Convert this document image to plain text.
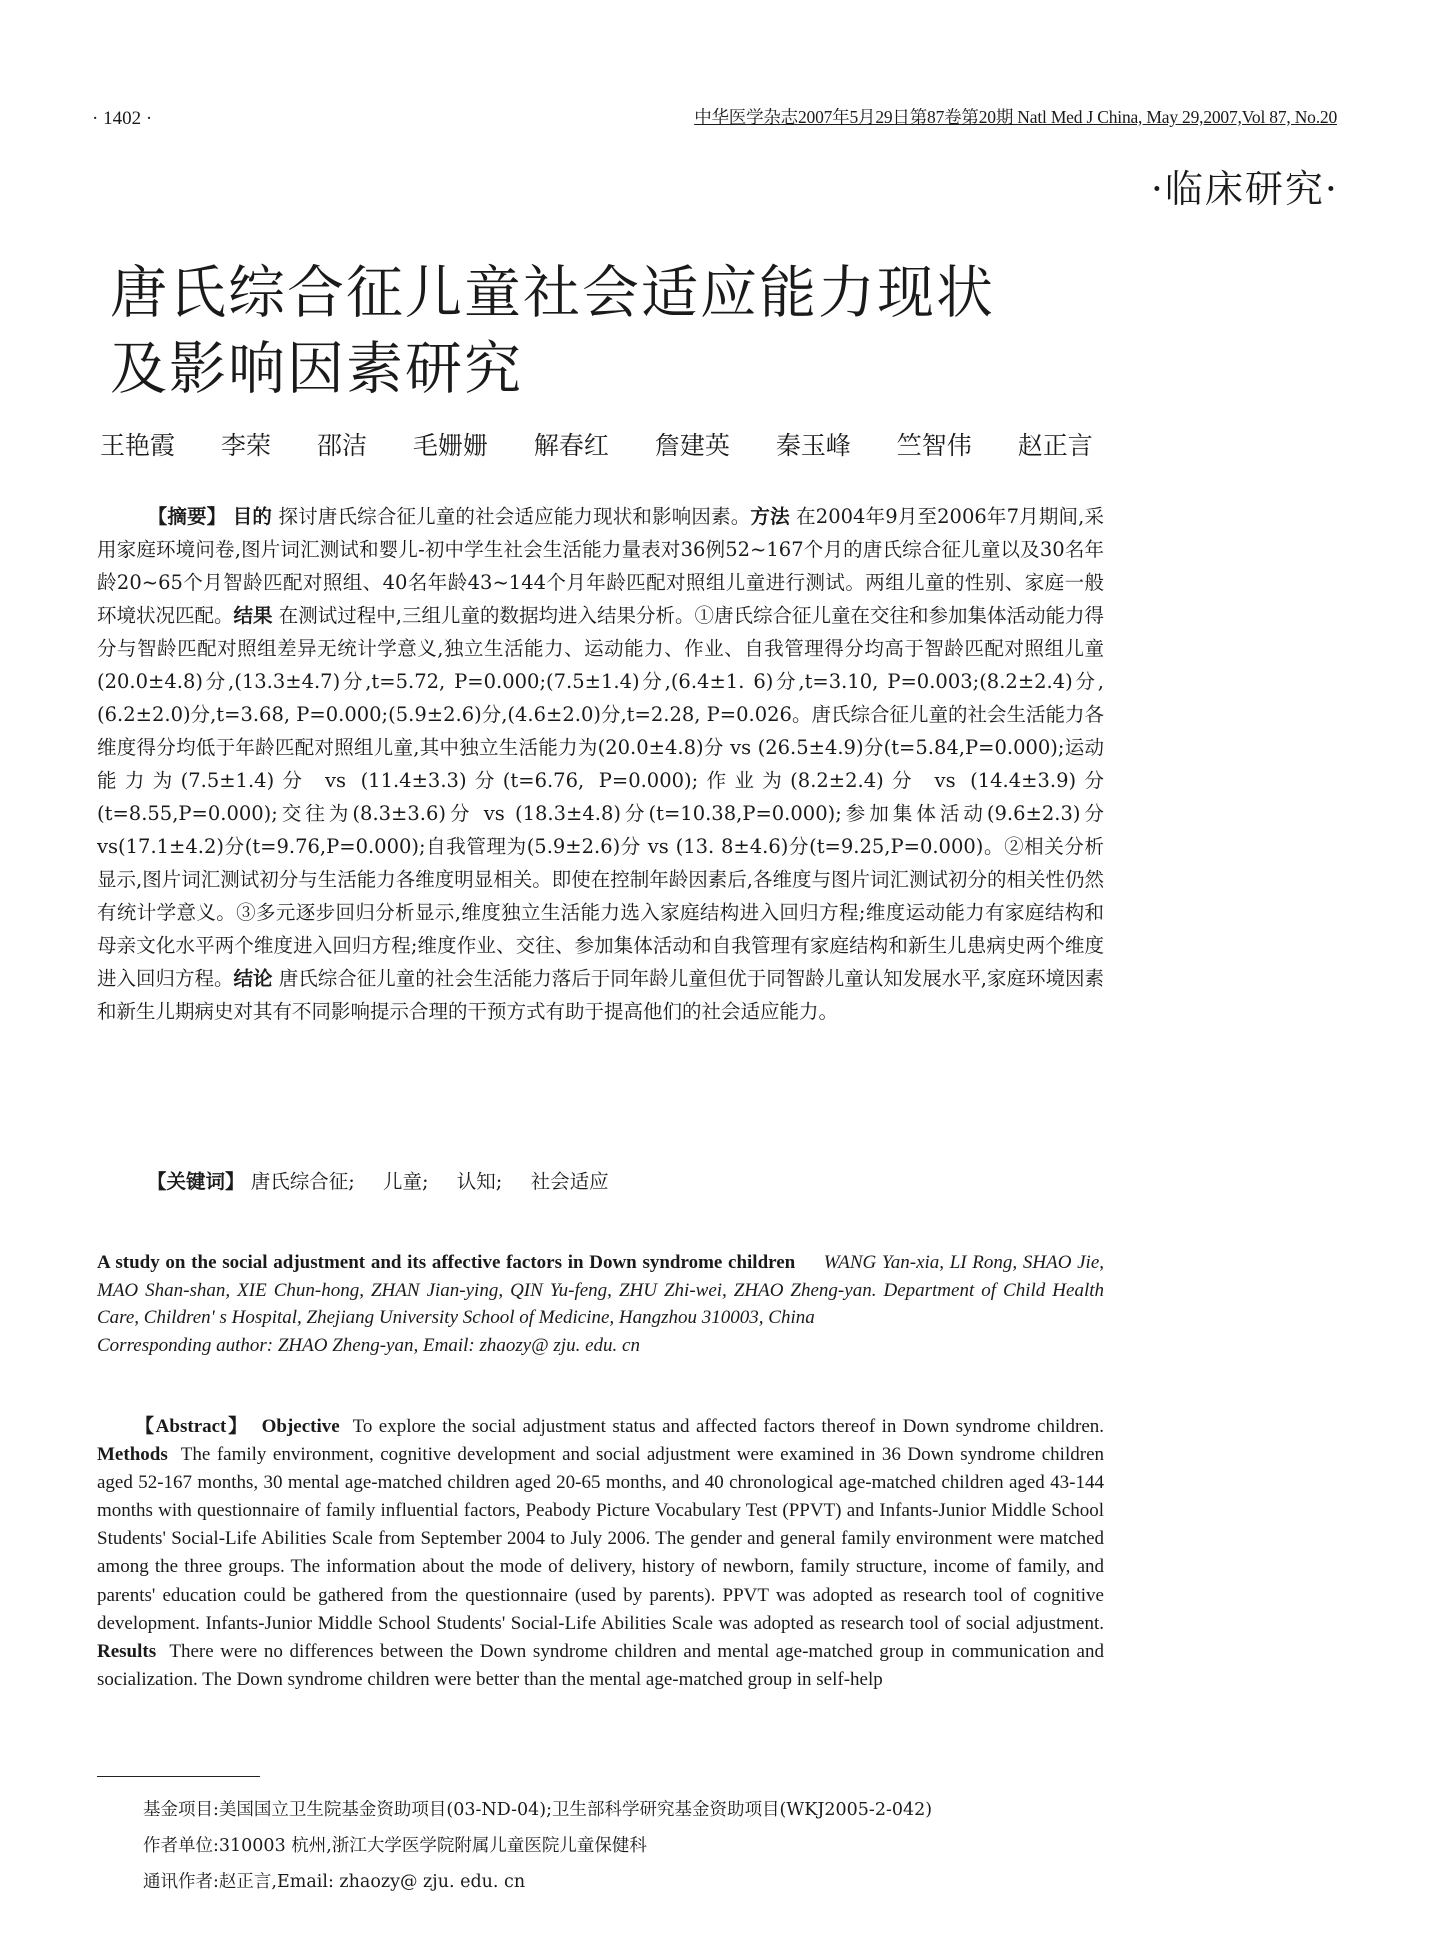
· 1402 ·	中华医学杂志2007年5月29日第87卷第20期 Natl Med J China, May 29,2007,Vol 87, No.20
·临床研究·
唐氏综合征儿童社会适应能力现状
及影响因素研究
王艳霞 李荣 邵洁 毛姗姗 解春红 詹建英 秦玉峰 竺智伟 赵正言
【摘要】 目的 探讨唐氏综合征儿童的社会适应能力现状和影响因素。方法 在2004年9月至2006年7月期间,采用家庭环境问卷,图片词汇测试和婴儿-初中学生社会生活能力量表对36例52~167个月的唐氏综合征儿童以及30名年龄20~65个月智龄匹配对照组、40名年龄43~144个月年龄匹配对照组儿童进行测试。两组儿童的性别、家庭一般环境状况匹配。结果 在测试过程中,三组儿童的数据均进入结果分析。①唐氏综合征儿童在交往和参加集体活动能力得分与智龄匹配对照组差异无统计学意义,独立生活能力、运动能力、作业、自我管理得分均高于智龄匹配对照组儿童(20.0±4.8)分,(13.3±4.7)分,t=5.72, P=0.000;(7.5±1.4)分,(6.4±1. 6)分,t=3.10, P=0.003;(8.2±2.4)分,(6.2±2.0)分,t=3.68, P=0.000;(5.9±2.6)分,(4.6±2.0)分,t=2.28, P=0.026。唐氏综合征儿童的社会生活能力各维度得分均低于年龄匹配对照组儿童,其中独立生活能力为(20.0±4.8)分 vs (26.5±4.9)分(t=5.84,P=0.000);运动能力为(7.5±1.4)分 vs (11.4±3.3)分(t=6.76, P=0.000);作业为(8.2±2.4)分 vs (14.4±3.9)分(t=8.55,P=0.000);交往为(8.3±3.6)分 vs (18.3±4.8)分(t=10.38,P=0.000);参加集体活动(9.6±2.3)分 vs(17.1±4.2)分(t=9.76,P=0.000);自我管理为(5.9±2.6)分 vs (13. 8±4.6)分(t=9.25,P=0.000)。②相关分析显示,图片词汇测试初分与生活能力各维度明显相关。即使在控制年龄因素后,各维度与图片词汇测试初分的相关性仍然有统计学意义。③多元逐步回归分析显示,维度独立生活能力选入家庭结构进入回归方程;维度运动能力有家庭结构和母亲文化水平两个维度进入回归方程;维度作业、交往、参加集体活动和自我管理有家庭结构和新生儿患病史两个维度进入回归方程。结论 唐氏综合征儿童的社会生活能力落后于同年龄儿童但优于同智龄儿童认知发展水平,家庭环境因素和新生儿期病史对其有不同影响提示合理的干预方式有助于提高他们的社会适应能力。
【关键词】 唐氏综合征; 儿童; 认知; 社会适应
A study on the social adjustment and its affective factors in Down syndrome children WANG Yan-xia, LI Rong, SHAO Jie, MAO Shan-shan, XIE Chun-hong, ZHAN Jian-ying, QIN Yu-feng, ZHU Zhi-wei, ZHAO Zheng-yan. Department of Child Health Care, Children' s Hospital, Zhejiang University School of Medicine, Hangzhou 310003, China
Corresponding author: ZHAO Zheng-yan, Email: zhaozy@ zju. edu. cn
【Abstract】 Objective To explore the social adjustment status and affected factors thereof in Down syndrome children. Methods The family environment, cognitive development and social adjustment were examined in 36 Down syndrome children aged 52-167 months, 30 mental age-matched children aged 20-65 months, and 40 chronological age-matched children aged 43-144 months with questionnaire of family influential factors, Peabody Picture Vocabulary Test (PPVT) and Infants-Junior Middle School Students' Social-Life Abilities Scale from September 2004 to July 2006. The gender and general family environment were matched among the three groups. The information about the mode of delivery, history of newborn, family structure, income of family, and parents' education could be gathered from the questionnaire (used by parents). PPVT was adopted as research tool of cognitive development. Infants-Junior Middle School Students' Social-Life Abilities Scale was adopted as research tool of social adjustment. Results There were no differences between the Down syndrome children and mental age-matched group in communication and socialization. The Down syndrome children were better than the mental age-matched group in self-help
基金项目:美国国立卫生院基金资助项目(03-ND-04);卫生部科学研究基金资助项目(WKJ2005-2-042)
作者单位:310003 杭州,浙江大学医学院附属儿童医院儿童保健科
通讯作者:赵正言,Email: zhaozy@ zju. edu. cn
